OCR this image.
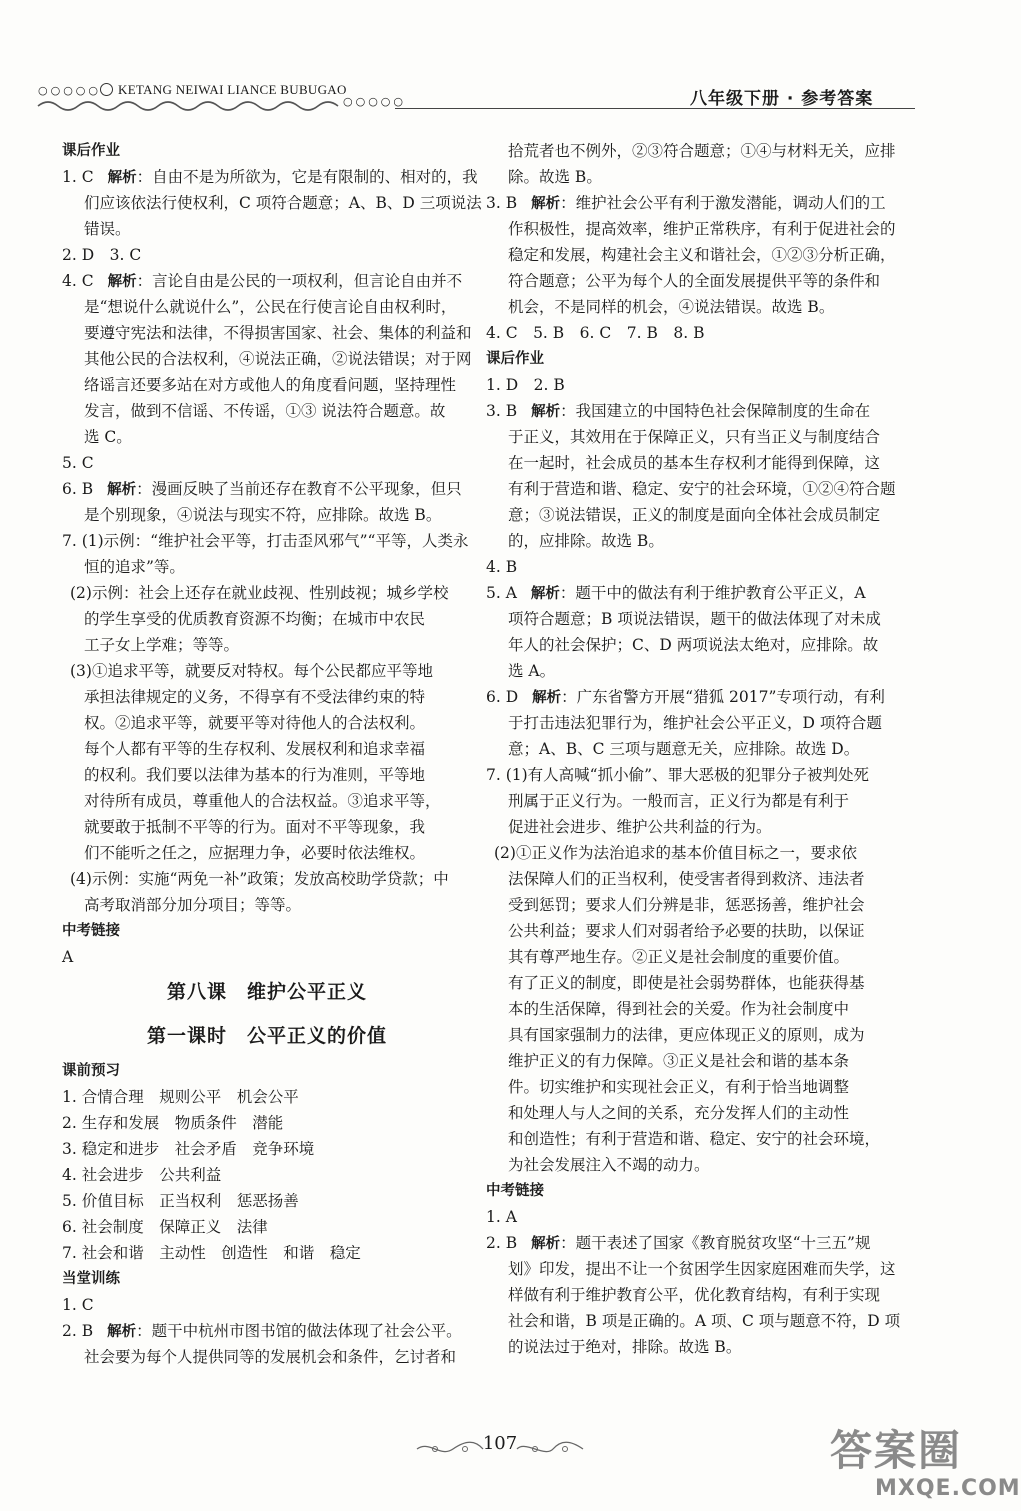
○○○○○ KETANG NEIWAI LIANCE BUBUGAO
○○○○○	八年级下册 · 参考答案
课后作业
1. C 解析：自由不是为所欲为，它是有限制的、相对的，我
们应该依法行使权利，C 项符合题意；A、B、D 三项说法
错误。
2. D　3. C
4. C 解析：言论自由是公民的一项权利，但言论自由并不
是“想说什么就说什么”，公民在行使言论自由权利时，
要遵守宪法和法律，不得损害国家、社会、集体的利益和
其他公民的合法权利，④说法正确，②说法错误；对于网
络谣言还要多站在对方或他人的角度看问题，坚持理性
发言，做到不信谣、不传谣，①③ 说法符合题意。故
选 C。
5. C
6. B 解析：漫画反映了当前还存在教育不公平现象，但只
是个别现象，④说法与现实不符，应排除。故选 B。
7. (1)示例：“维护社会平等，打击歪风邪气”“平等，人类永
恒的追求”等。
(2)示例：社会上还存在就业歧视、性别歧视；城乡学校
的学生享受的优质教育资源不均衡；在城市中农民
工子女上学难；等等。
(3)①追求平等，就要反对特权。每个公民都应平等地
承担法律规定的义务，不得享有不受法律约束的特
权。②追求平等，就要平等对待他人的合法权利。
每个人都有平等的生存权利、发展权利和追求幸福
的权利。我们要以法律为基本的行为准则，平等地
对待所有成员，尊重他人的合法权益。③追求平等，
就要敢于抵制不平等的行为。面对不平等现象，我
们不能听之任之，应据理力争，必要时依法维权。
(4)示例：实施“两免一补”政策；发放高校助学贷款；中
高考取消部分加分项目；等等。
中考链接
A
第八课　维护公平正义
第一课时　公平正义的价值
课前预习
1. 合情合理　规则公平　机会公平
2. 生存和发展　物质条件　潜能
3. 稳定和进步　社会矛盾　竞争环境
4. 社会进步　公共利益
5. 价值目标　正当权利　惩恶扬善
6. 社会制度　保障正义　法律
7. 社会和谐　主动性　创造性　和谐　稳定
当堂训练
1. C
2. B 解析：题干中杭州市图书馆的做法体现了社会公平。
社会要为每个人提供同等的发展机会和条件，乞讨者和
拾荒者也不例外，②③符合题意；①④与材料无关，应排
除。故选 B。
3. B 解析：维护社会公平有利于激发潜能，调动人们的工
作积极性，提高效率，维护正常秩序，有利于促进社会的
稳定和发展，构建社会主义和谐社会，①②③分析正确，
符合题意；公平为每个人的全面发展提供平等的条件和
机会，不是同样的机会，④说法错误。故选 B。
4. C　5. B　6. C　7. B　8. B
课后作业
1. D　2. B
3. B 解析：我国建立的中国特色社会保障制度的生命在
于正义，其效用在于保障正义，只有当正义与制度结合
在一起时，社会成员的基本生存权利才能得到保障，这
有利于营造和谐、稳定、安宁的社会环境，①②④符合题
意；③说法错误，正义的制度是面向全体社会成员制定
的，应排除。故选 B。
4. B
5. A 解析：题干中的做法有利于维护教育公平正义，A
项符合题意；B 项说法错误，题干的做法体现了对未成
年人的社会保护；C、D 两项说法太绝对，应排除。故
选 A。
6. D 解析：广东省警方开展“猎狐 2017”专项行动，有利
于打击违法犯罪行为，维护社会公平正义，D 项符合题
意；A、B、C 三项与题意无关，应排除。故选 D。
7. (1)有人高喊“抓小偷”、罪大恶极的犯罪分子被判处死
刑属于正义行为。一般而言，正义行为都是有利于
促进社会进步、维护公共利益的行为。
(2)①正义作为法治追求的基本价值目标之一，要求依
法保障人们的正当权利，使受害者得到救济、违法者
受到惩罚；要求人们分辨是非，惩恶扬善，维护社会
公共利益；要求人们对弱者给予必要的扶助，以保证
其有尊严地生存。②正义是社会制度的重要价值。
有了正义的制度，即使是社会弱势群体，也能获得基
本的生活保障，得到社会的关爱。作为社会制度中
具有国家强制力的法律，更应体现正义的原则，成为
维护正义的有力保障。③正义是社会和谐的基本条
件。切实维护和实现社会正义，有利于恰当地调整
和处理人与人之间的关系，充分发挥人们的主动性
和创造性；有利于营造和谐、稳定、安宁的社会环境，
为社会发展注入不竭的动力。
中考链接
1. A
2. B 解析：题干表述了国家《教育脱贫攻坚“十三五”规
划》印发，提出不让一个贫困学生因家庭困难而失学，这
样做有利于维护教育公平，优化教育结构，有利于实现
社会和谐，B 项是正确的。A 项、C 项与题意不符，D 项
的说法过于绝对，排除。故选 B。
107	答案圈
MXQE.COM
